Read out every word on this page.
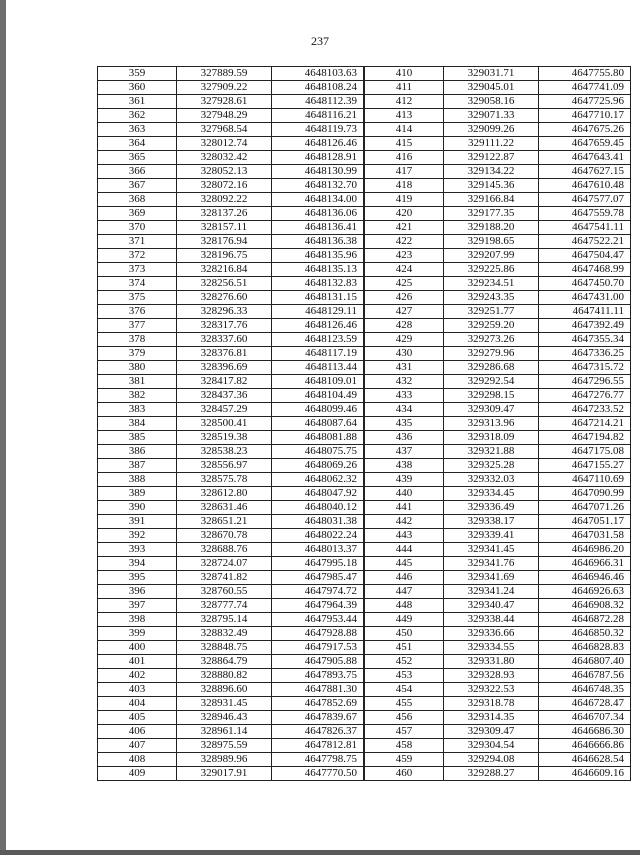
237
359	327889.59	4648103.63
360	327909.22	4648108.24
361	327928.61	4648112.39
362	327948.29	4648116.21
363	327968.54	4648119.73
364	328012.74	4648126.46
365	328032.42	4648128.91
366	328052.13	4648130.99
367	328072.16	4648132.70
368	328092.22	4648134.00
369	328137.26	4648136.06
370	328157.11	4648136.41
371	328176.94	4648136.38
372	328196.75	4648135.96
373	328216.84	4648135.13
374	328256.51	4648132.83
375	328276.60	4648131.15
376	328296.33	4648129.11
377	328317.76	4648126.46
378	328337.60	4648123.59
379	328376.81	4648117.19
380	328396.69	4648113.44
381	328417.82	4648109.01
382	328437.36	4648104.49
383	328457.29	4648099.46
384	328500.41	4648087.64
385	328519.38	4648081.88
386	328538.23	4648075.75
387	328556.97	4648069.26
388	328575.78	4648062.32
389	328612.80	4648047.92
390	328631.46	4648040.12
391	328651.21	4648031.38
392	328670.78	4648022.24
393	328688.76	4648013.37
394	328724.07	4647995.18
395	328741.82	4647985.47
396	328760.55	4647974.72
397	328777.74	4647964.39
398	328795.14	4647953.44
399	328832.49	4647928.88
400	328848.75	4647917.53
401	328864.79	4647905.88
402	328880.82	4647893.75
403	328896.60	4647881.30
404	328931.45	4647852.69
405	328946.43	4647839.67
406	328961.14	4647826.37
407	328975.59	4647812.81
408	328989.96	4647798.75
409	329017.91	4647770.50
410	329031.71	4647755.80
411	329045.01	4647741.09
412	329058.16	4647725.96
413	329071.33	4647710.17
414	329099.26	4647675.26
415	329111.22	4647659.45
416	329122.87	4647643.41
417	329134.22	4647627.15
418	329145.36	4647610.48
419	329166.84	4647577.07
420	329177.35	4647559.78
421	329188.20	4647541.11
422	329198.65	4647522.21
423	329207.99	4647504.47
424	329225.86	4647468.99
425	329234.51	4647450.70
426	329243.35	4647431.00
427	329251.77	4647411.11
428	329259.20	4647392.49
429	329273.26	4647355.34
430	329279.96	4647336.25
431	329286.68	4647315.72
432	329292.54	4647296.55
433	329298.15	4647276.77
434	329309.47	4647233.52
435	329313.96	4647214.21
436	329318.09	4647194.82
437	329321.88	4647175.08
438	329325.28	4647155.27
439	329332.03	4647110.69
440	329334.45	4647090.99
441	329336.49	4647071.26
442	329338.17	4647051.17
443	329339.41	4647031.58
444	329341.45	4646986.20
445	329341.76	4646966.31
446	329341.69	4646946.46
447	329341.24	4646926.63
448	329340.47	4646908.32
449	329338.44	4646872.28
450	329336.66	4646850.32
451	329334.55	4646828.83
452	329331.80	4646807.40
453	329328.93	4646787.56
454	329322.53	4646748.35
455	329318.78	4646728.47
456	329314.35	4646707.34
457	329309.47	4646686.30
458	329304.54	4646666.86
459	329294.08	4646628.54
460	329288.27	4646609.16
